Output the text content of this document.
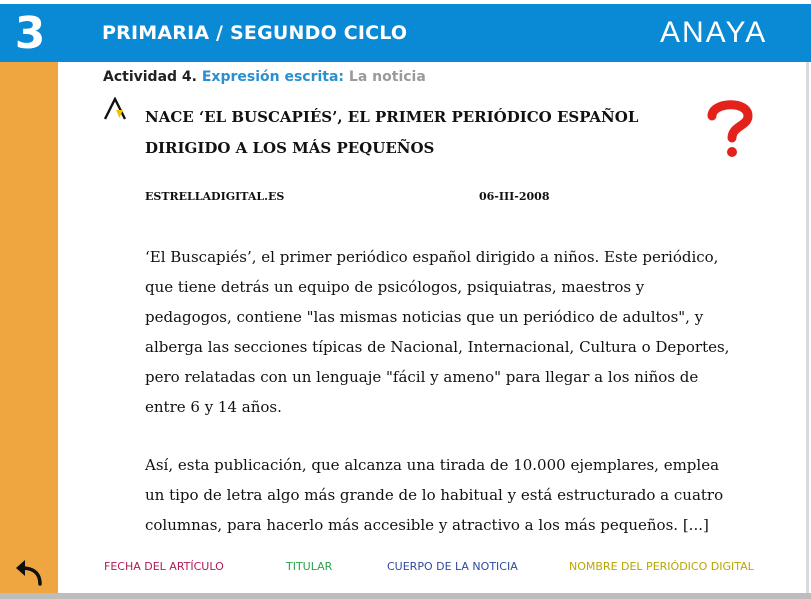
3	PRIMARIA / SEGUNDO CICLO	ANAYA
Actividad 4. Expresión escrita: La noticia
NACE ‘EL BUSCAPIÉS’, EL PRIMER PERIÓDICO ESPAÑOL
DIRIGIDO A LOS MÁS PEQUEÑOS
ESTRELLADIGITAL.ES	06-III-2008

‘El Buscapiés’, el primer periódico español dirigido a niños. Este periódico, que tiene detrás un equipo de psicólogos, psiquiatras, maestros y pedagogos, contiene "las mismas noticias que un periódico de adultos", y alberga las secciones típicas de Nacional, Internacional, Cultura o Deportes, pero relatadas con un lenguaje "fácil y ameno" para llegar a los niños de entre 6 y 14 años.

Así, esta publicación, que alcanza una tirada de 10.000 ejemplares, emplea un tipo de letra algo más grande de lo habitual y está estructurado a cuatro columnas, para hacerlo más accesible y atractivo a los más pequeños. [...]

FECHA DEL ARTÍCULO	TITULAR	CUERPO DE LA NOTICIA	NOMBRE DEL PERIÓDICO DIGITAL
